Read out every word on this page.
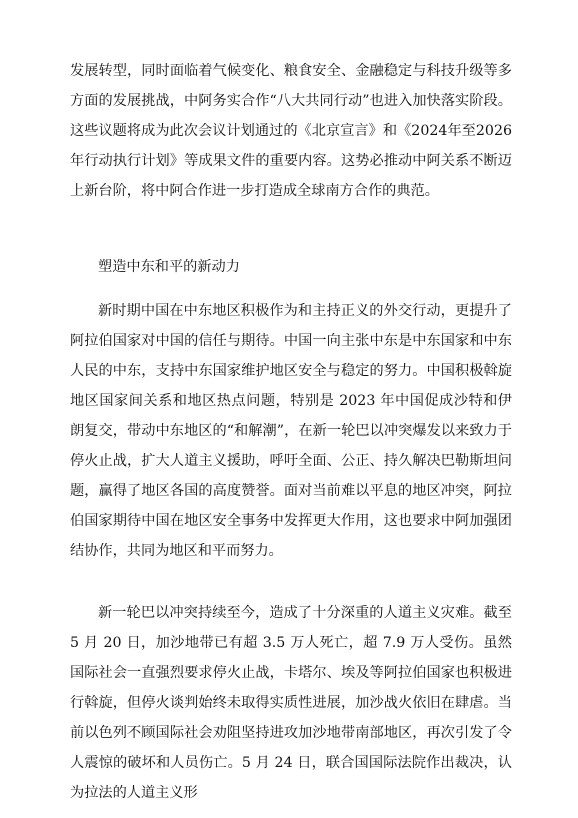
发展转型，同时面临着气候变化、粮食安全、金融稳定与科技升级等多方面的发展挑战，中阿务实合作“八大共同行动”也进入加快落实阶段。这些议题将成为此次会议计划通过的《北京宣言》和《2024年至2026年行动执行计划》等成果文件的重要内容。这势必推动中阿关系不断迈上新台阶，将中阿合作进一步打造成全球南方合作的典范。

塑造中东和平的新动力

新时期中国在中东地区积极作为和主持正义的外交行动，更提升了阿拉伯国家对中国的信任与期待。中国一向主张中东是中东国家和中东人民的中东，支持中东国家维护地区安全与稳定的努力。中国积极斡旋地区国家间关系和地区热点问题，特别是 2023 年中国促成沙特和伊朗复交，带动中东地区的“和解潮”，在新一轮巴以冲突爆发以来致力于停火止战，扩大人道主义援助，呼吁全面、公正、持久解决巴勒斯坦问题，赢得了地区各国的高度赞誉。面对当前难以平息的地区冲突，阿拉伯国家期待中国在地区安全事务中发挥更大作用，这也要求中阿加强团结协作，共同为地区和平而努力。

新一轮巴以冲突持续至今，造成了十分深重的人道主义灾难。截至 5 月 20 日，加沙地带已有超 3.5 万人死亡，超 7.9 万人受伤。虽然国际社会一直强烈要求停火止战，卡塔尔、埃及等阿拉伯国家也积极进行斡旋，但停火谈判始终未取得实质性进展，加沙战火依旧在肆虐。当前以色列不顾国际社会劝阻坚持进攻加沙地带南部地区，再次引发了令人震惊的破坏和人员伤亡。5 月 24 日，联合国国际法院作出裁决，认为拉法的人道主义形
